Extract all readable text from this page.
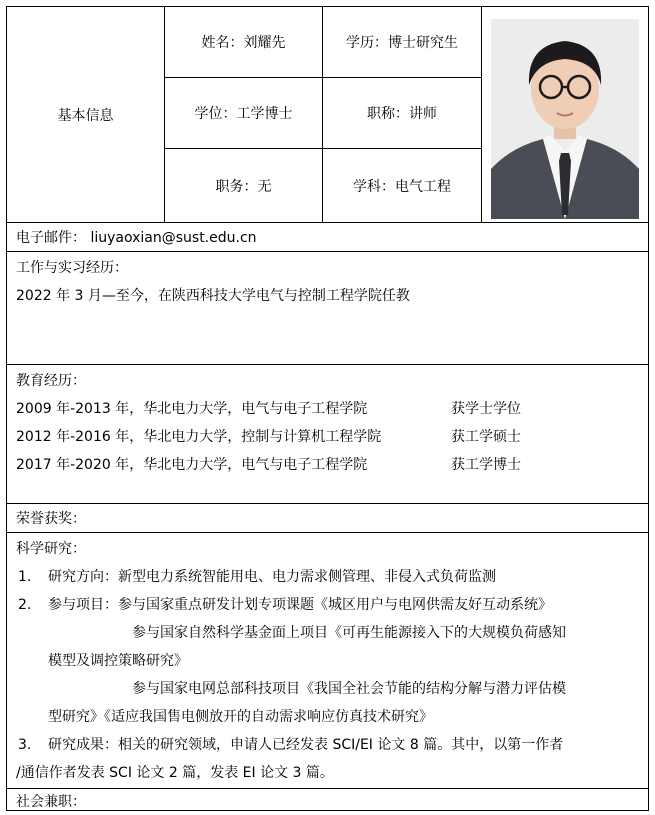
基本信息
姓名：刘耀先	学历：博士研究生
学位：工学博士	职称：讲师
职务：无	学科：电气工程
电子邮件： liuyaoxian@sust.edu.cn
工作与实习经历：
2022 年 3 月—至今，在陕西科技大学电气与控制工程学院任教
教育经历：
2009 年-2013 年，华北电力大学，电气与电子工程学院	获学士学位
2012 年-2016 年，华北电力大学，控制与计算机工程学院	获工学硕士
2017 年-2020 年，华北电力大学，电气与电子工程学院	获工学博士
荣誉获奖：
科学研究：
1. 研究方向：新型电力系统智能用电、电力需求侧管理、非侵入式负荷监测
2. 参与项目：参与国家重点研发计划专项课题《城区用户与电网供需友好互动系统》
参与国家自然科学基金面上项目《可再生能源接入下的大规模负荷感知
模型及调控策略研究》
参与国家电网总部科技项目《我国全社会节能的结构分解与潜力评估模
型研究》《适应我国售电侧放开的自动需求响应仿真技术研究》
3. 研究成果：相关的研究领域，申请人已经发表 SCI/EI 论文 8 篇。其中，以第一作者
/通信作者发表 SCI 论文 2 篇，发表 EI 论文 3 篇。
社会兼职：
